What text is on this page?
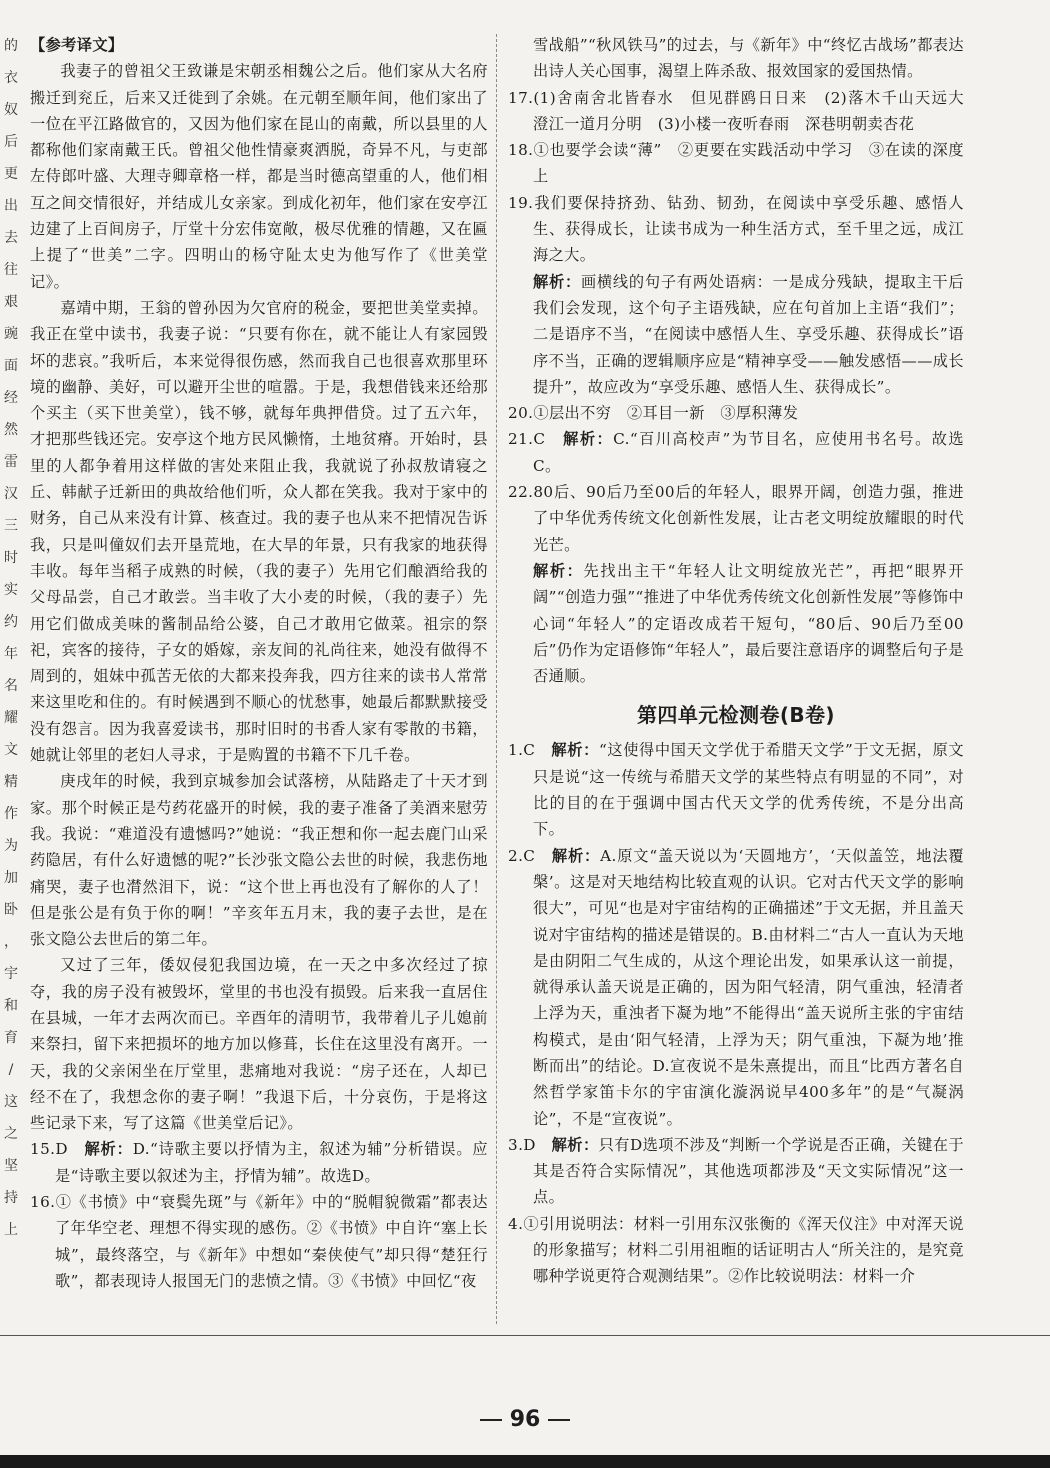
的
衣
奴
后
更
出
去
往
艰
豌
面
经
然
雷
汉
三
时
实
约
年
名
耀
文
精
作
为
加
卧
，
宇
和
育
/
这
之
坚
持
上

【参考译文】

我妻子的曾祖父王致谦是宋朝丞相魏公之后。他们家从大名府搬迁到兖丘，后来又迁徙到了余姚。在元朝至顺年间，他们家出了一位在平江路做官的，又因为他们家在昆山的南戴，所以县里的人都称他们家南戴王氏。曾祖父他性情豪爽洒脱，奇异不凡，与吏部左侍郎叶盛、大理寺卿章格一样，都是当时德高望重的人，他们相互之间交情很好，并结成儿女亲家。到成化初年，他们家在安亭江边建了上百间房子，厅堂十分宏伟宽敞，极尽优雅的情趣，又在匾上提了“世美”二字。四明山的杨守阯太史为他写作了《世美堂记》。

嘉靖中期，王翁的曾孙因为欠官府的税金，要把世美堂卖掉。我正在堂中读书，我妻子说：“只要有你在，就不能让人有家园毁坏的悲哀。”我听后，本来觉得很伤感，然而我自己也很喜欢那里环境的幽静、美好，可以避开尘世的喧嚣。于是，我想借钱来还给那个买主（买下世美堂），钱不够，就每年典押借贷。过了五六年，才把那些钱还完。安亭这个地方民风懒惰，土地贫瘠。开始时，县里的人都争着用这样做的害处来阻止我，我就说了孙叔敖请寝之丘、韩献子迁新田的典故给他们听，众人都在笑我。我对于家中的财务，自己从来没有计算、核查过。我的妻子也从来不把情况告诉我，只是叫僮奴们去开垦荒地，在大旱的年景，只有我家的地获得丰收。每年当稻子成熟的时候，（我的妻子）先用它们酿酒给我的父母品尝，自己才敢尝。当丰收了大小麦的时候，（我的妻子）先用它们做成美味的酱制品给公婆，自己才敢用它做菜。祖宗的祭祀，宾客的接待，子女的婚嫁，亲友间的礼尚往来，她没有做得不周到的，姐妹中孤苦无依的大都来投奔我，四方往来的读书人常常来这里吃和住的。有时候遇到不顺心的忧愁事，她最后都默默接受没有怨言。因为我喜爱读书，那时旧时的书香人家有零散的书籍，她就让邻里的老妇人寻求，于是购置的书籍不下几千卷。

庚戌年的时候，我到京城参加会试落榜，从陆路走了十天才到家。那个时候正是芍药花盛开的时候，我的妻子准备了美酒来慰劳我。我说：“难道没有遗憾吗?”她说：“我正想和你一起去鹿门山采药隐居，有什么好遗憾的呢?”长沙张文隐公去世的时候，我悲伤地痛哭，妻子也潸然泪下，说：“这个世上再也没有了解你的人了！但是张公是有负于你的啊！”辛亥年五月末，我的妻子去世，是在张文隐公去世后的第二年。

又过了三年，倭奴侵犯我国边境，在一天之中多次经过了掠夺，我的房子没有被毁坏，堂里的书也没有损毁。后来我一直居住在县城，一年才去两次而已。辛酉年的清明节，我带着儿子儿媳前来祭扫，留下来把损坏的地方加以修葺，长住在这里没有离开。一天，我的父亲闲坐在厅堂里，悲痛地对我说：“房子还在，人却已经不在了，我想念你的妻子啊！”我退下后，十分哀伤，于是将这些记录下来，写了这篇《世美堂后记》。

15.D　 解析：D.“诗歌主要以抒情为主，叙述为辅”分析错误。应是“诗歌主要以叙述为主，抒情为辅”。故选D。

16.①《书愤》中“衰鬓先斑”与《新年》中的“脱帽貌微霜”都表达了年华空老、理想不得实现的感伤。②《书愤》中自许“塞上长城”，最终落空，与《新年》中想如“秦侠使气”却只得“楚狂行歌”，都表现诗人报国无门的悲愤之情。③《书愤》中回忆“夜

雪战船”“秋风铁马”的过去，与《新年》中“终忆古战场”都表达出诗人关心国事，渴望上阵杀敌、报效国家的爱国热情。

17.(1)舍南舍北皆春水　但见群鸥日日来　(2)落木千山天远大　澄江一道月分明　(3)小楼一夜听春雨　深巷明朝卖杏花

18.①也要学会读“薄”　②更要在实践活动中学习　③在读的深度上

19.我们要保持挤劲、钻劲、韧劲，在阅读中享受乐趣、感悟人生、获得成长，让读书成为一种生活方式，至千里之远，成江海之大。

解析：画横线的句子有两处语病：一是成分残缺，提取主干后我们会发现，这个句子主语残缺，应在句首加上主语“我们”；二是语序不当，“在阅读中感悟人生、享受乐趣、获得成长”语序不当，正确的逻辑顺序应是“精神享受——触发感悟——成长提升”，故应改为“享受乐趣、感悟人生、获得成长”。

20.①层出不穷　②耳目一新　③厚积薄发

21.C　 解析：C.“百川高校声”为节目名，应使用书名号。故选C。

22.80后、90后乃至00后的年轻人，眼界开阔，创造力强，推进了中华优秀传统文化创新性发展，让古老文明绽放耀眼的时代光芒。

解析：先找出主干“年轻人让文明绽放光芒”，再把“眼界开阔”“创造力强”“推进了中华优秀传统文化创新性发展”等修饰中心词“年轻人”的定语改成若干短句，“80后、90后乃至00后”仍作为定语修饰“年轻人”，最后要注意语序的调整后句子是否通顺。

第四单元检测卷(B卷)

1.C　 解析：“这使得中国天文学优于希腊天文学”于文无据，原文只是说“这一传统与希腊天文学的某些特点有明显的不同”，对比的目的在于强调中国古代天文学的优秀传统，不是分出高下。

2.C　 解析：A.原文“盖天说以为‘天圆地方’，‘天似盖笠，地法覆槃’。这是对天地结构比较直观的认识。它对古代天文学的影响很大”，可见“也是对宇宙结构的正确描述”于文无据，并且盖天说对宇宙结构的描述是错误的。B.由材料二“古人一直认为天地是由阴阳二气生成的，从这个理论出发，如果承认这一前提，就得承认盖天说是正确的，因为阳气轻清，阴气重浊，轻清者上浮为天，重浊者下凝为地”不能得出“盖天说所主张的宇宙结构模式，是由‘阳气轻清，上浮为天；阴气重浊，下凝为地’推断而出”的结论。D.宣夜说不是朱熹提出，而且“比西方著名自然哲学家笛卡尔的宇宙演化漩涡说早400多年”的是“气凝涡论”，不是“宣夜说”。

3.D　 解析：只有D选项不涉及“判断一个学说是否正确，关键在于其是否符合实际情况”，其他选项都涉及“天文实际情况”这一点。

4.①引用说明法：材料一引用东汉张衡的《浑天仪注》中对浑天说的形象描写；材料二引用祖暅的话证明古人“所关注的，是究竟哪种学说更符合观测结果”。②作比较说明法：材料一介

96
